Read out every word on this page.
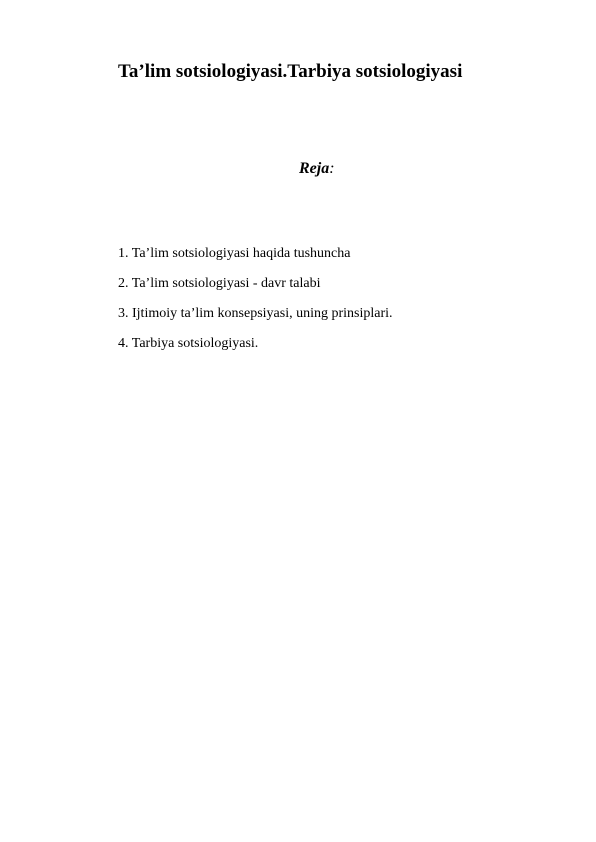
Ta’lim sotsiologiyasi.Tarbiya sotsiologiyasi
Reja:
1. Ta’lim sotsiologiyasi haqida tushuncha
2. Ta’lim sotsiologiyasi - davr talabi
3. Ijtimoiy ta’lim konsepsiyasi, uning prinsiplari.
4. Tarbiya sotsiologiyasi.
